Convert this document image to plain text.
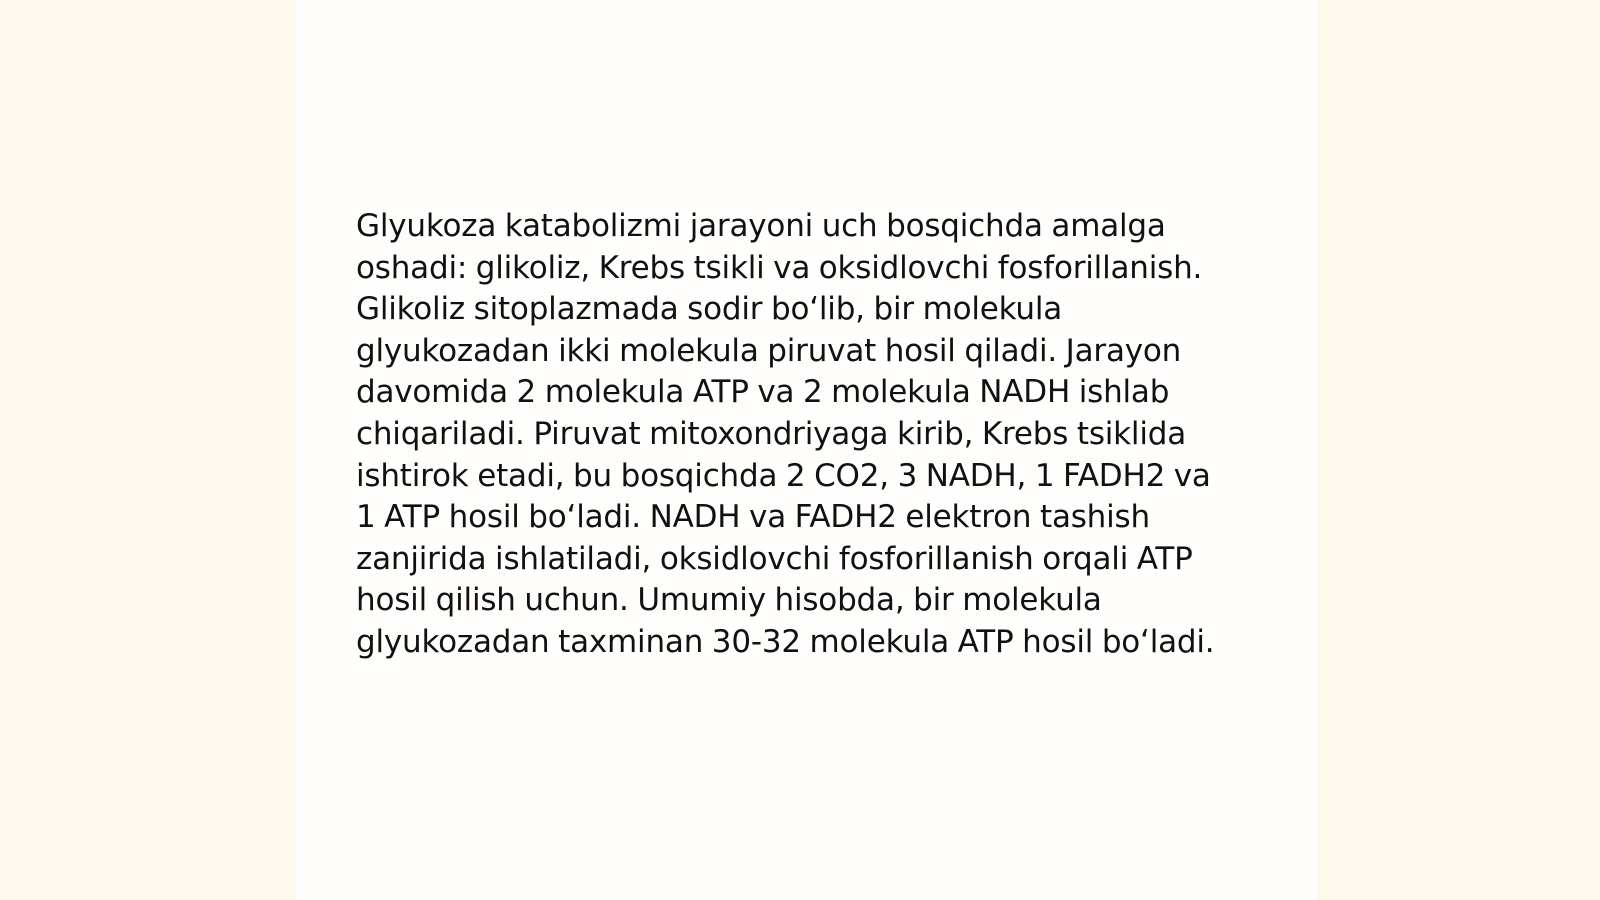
Glyukoza katabolizmi jarayoni uch bosqichda amalga oshadi: glikoliz, Krebs tsikli va oksidlovchi fosforillanish. Glikoliz sitoplazmada sodir bo‘lib, bir molekula glyukozadan ikki molekula piruvat hosil qiladi. Jarayon davomida 2 molekula ATP va 2 molekula NADH ishlab chiqariladi. Piruvat mitoxondriyaga kirib, Krebs tsiklida ishtirok etadi, bu bosqichda 2 CO2, 3 NADH, 1 FADH2 va 1 ATP hosil bo‘ladi. NADH va FADH2 elektron tashish zanjirida ishlatiladi, oksidlovchi fosforillanish orqali ATP hosil qilish uchun. Umumiy hisobda, bir molekula glyukozadan taxminan 30-32 molekula ATP hosil bo‘ladi.
